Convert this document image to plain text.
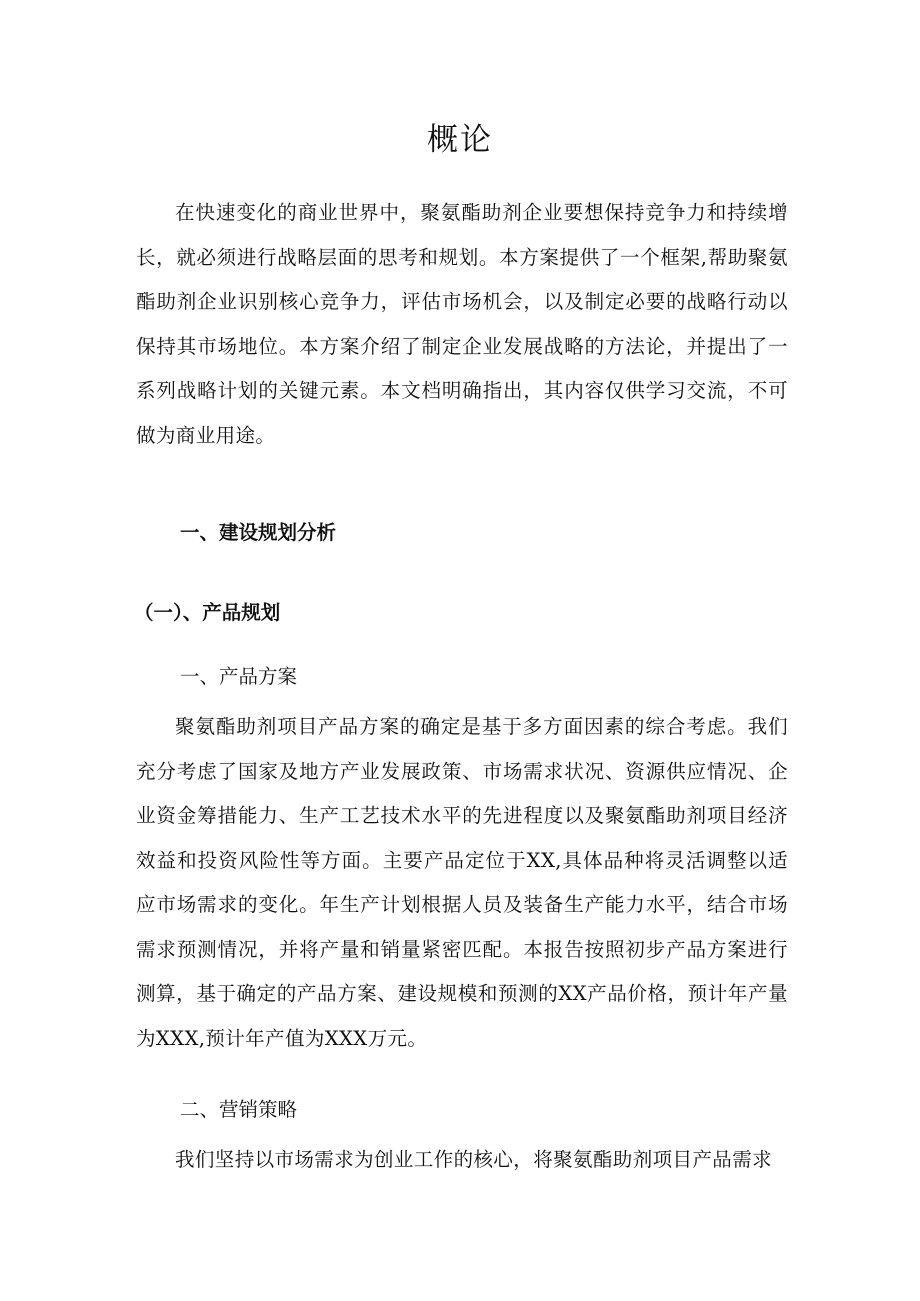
概论

在快速变化的商业世界中，聚氨酯助剂企业要想保持竞争力和持续增长，就必须进行战略层面的思考和规划。本方案提供了一个框架,帮助聚氨酯助剂企业识别核心竞争力，评估市场机会，以及制定必要的战略行动以保持其市场地位。本方案介绍了制定企业发展战略的方法论，并提出了一系列战略计划的关键元素。本文档明确指出，其内容仅供学习交流，不可做为商业用途。

一、建设规划分析
（一）、产品规划
一、产品方案

聚氨酯助剂项目产品方案的确定是基于多方面因素的综合考虑。我们充分考虑了国家及地方产业发展政策、市场需求状况、资源供应情况、企业资金筹措能力、生产工艺技术水平的先进程度以及聚氨酯助剂项目经济效益和投资风险性等方面。主要产品定位于XX,具体品种将灵活调整以适应市场需求的变化。年生产计划根据人员及装备生产能力水平，结合市场需求预测情况，并将产量和销量紧密匹配。本报告按照初步产品方案进行测算，基于确定的产品方案、建设规模和预测的XX产品价格，预计年产量为XXX,预计年产值为XXX万元。

二、营销策略

我们坚持以市场需求为创业工作的核心，将聚氨酯助剂项目产品需求
